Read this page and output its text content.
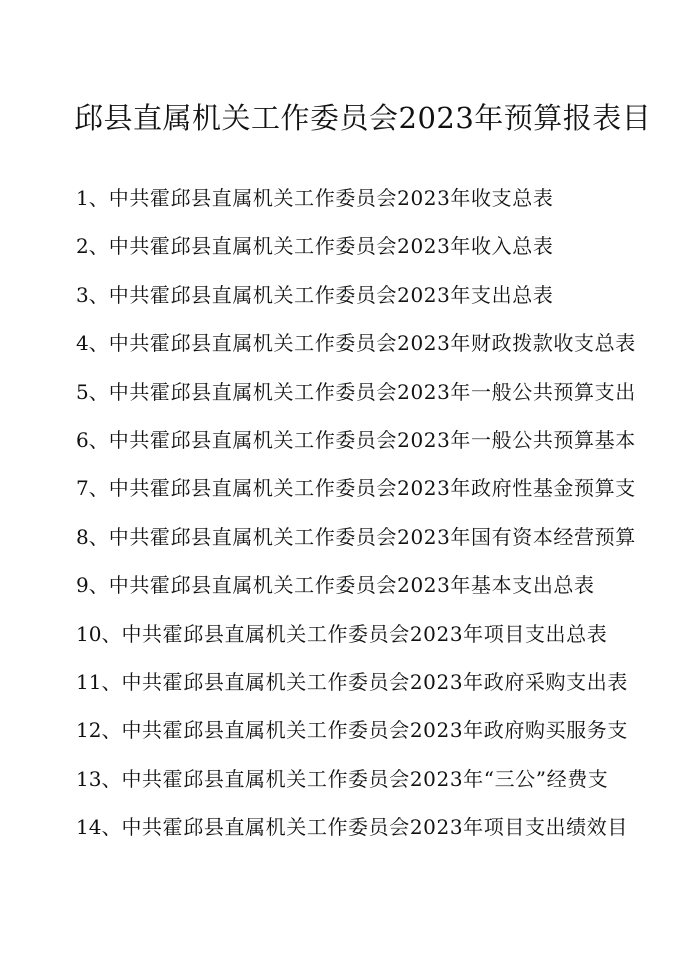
邱县直属机关工作委员会2023年预算报表目
1、中共霍邱县直属机关工作委员会2023年收支总表
2、中共霍邱县直属机关工作委员会2023年收入总表
3、中共霍邱县直属机关工作委员会2023年支出总表
4、中共霍邱县直属机关工作委员会2023年财政拨款收支总表
5、中共霍邱县直属机关工作委员会2023年一般公共预算支出
6、中共霍邱县直属机关工作委员会2023年一般公共预算基本
7、中共霍邱县直属机关工作委员会2023年政府性基金预算支
8、中共霍邱县直属机关工作委员会2023年国有资本经营预算
9、中共霍邱县直属机关工作委员会2023年基本支出总表
10、中共霍邱县直属机关工作委员会2023年项目支出总表
11、中共霍邱县直属机关工作委员会2023年政府采购支出表
12、中共霍邱县直属机关工作委员会2023年政府购买服务支
13、中共霍邱县直属机关工作委员会2023年“三公”经费支
14、中共霍邱县直属机关工作委员会2023年项目支出绩效目
